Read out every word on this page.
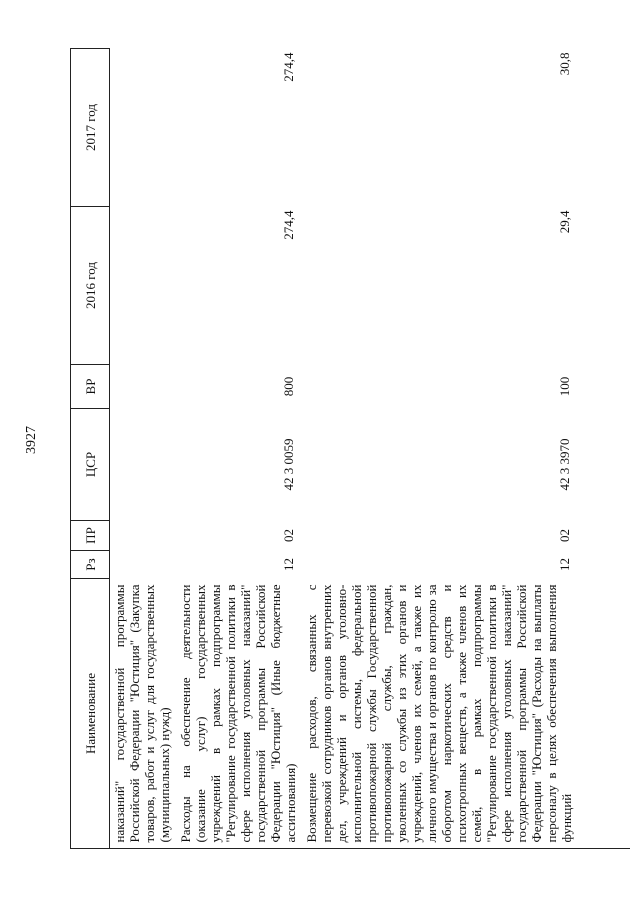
3927
Наименование	Рз	ПР	ЦСР	ВР	2016 год	2017 год

наказаний" государственной программы Российской Федерации "Юстиция" (Закупка товаров, работ и услуг для государственных (муниципальных) нужд)						

Расходы на обеспечение деятельности (оказание услуг) государственных учреждений в рамках подпрограммы "Регулирование государственной политики в сфере исполнения уголовных наказаний" государственной программы Российской Федерации "Юстиция" (Иные бюджетные ассигнования)	12	02	42 3 0059	800	274,4	274,4

Возмещение расходов, связанных с перевозкой сотрудников органов внутренних дел, учреждений и органов уголовно-исполнительной системы, федеральной противопожарной службы Государственной противопожарной службы, граждан, уволенных со службы из этих органов и учреждений, членов их семей, а также их личного имущества и органов по контролю за оборотом наркотических средств и психотропных веществ, а также членов их семей, в рамках подпрограммы "Регулирование государственной политики в сфере исполнения уголовных наказаний" государственной программы Российской Федерации "Юстиция" (Расходы на выплаты персоналу в целях обеспечения выполнения функций	12	02	42 3 3970	100	29,4	30,8
